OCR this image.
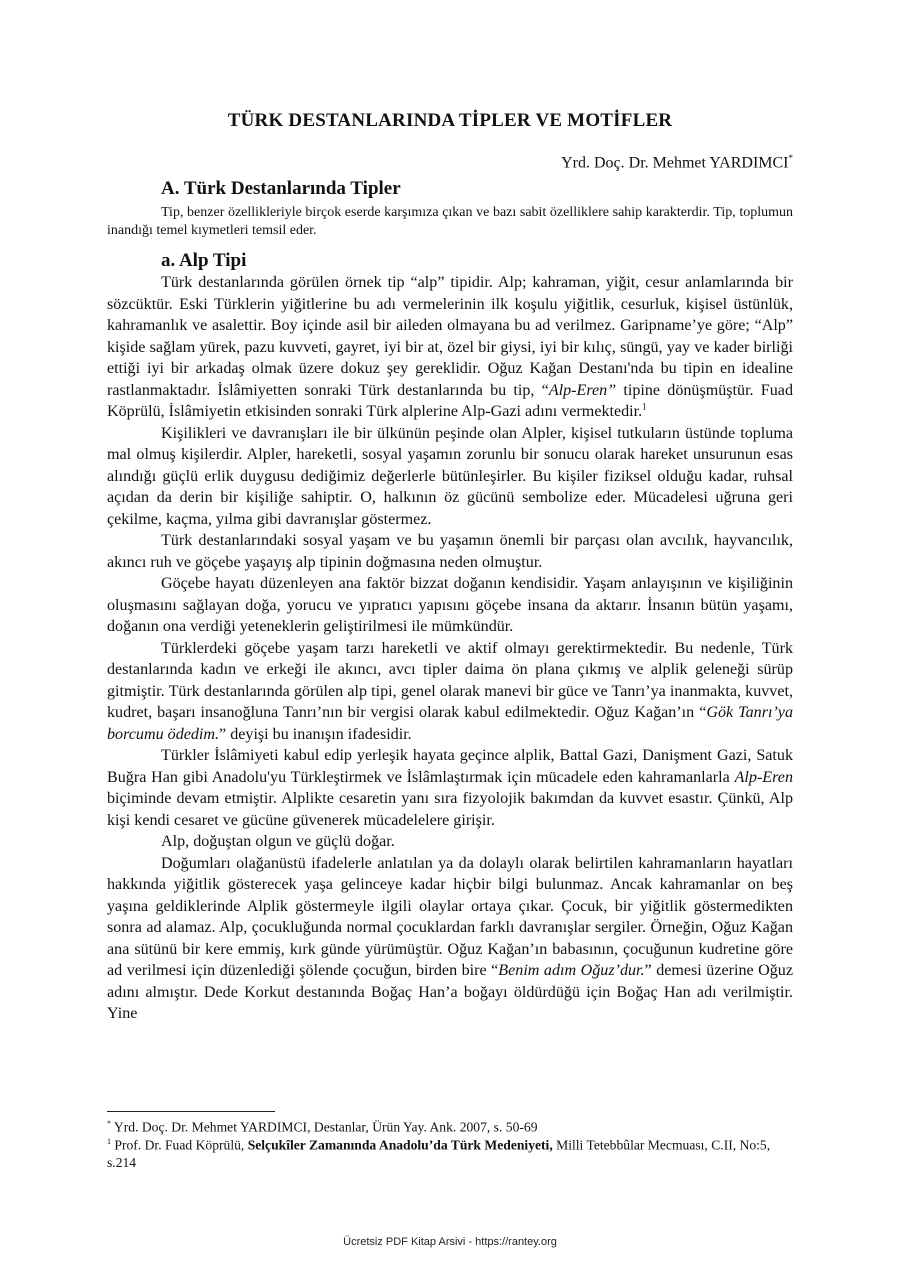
TÜRK DESTANLARINDA TİPLER VE MOTİFLER
Yrd. Doç. Dr. Mehmet YARDIMCI*
A. Türk Destanlarında Tipler

Tip, benzer özellikleriyle birçok eserde karşımıza çıkan ve bazı sabit özelliklere sahip karakterdir. Tip, toplumun inandığı temel kıymetleri temsil eder.

a. Alp Tipi

Türk destanlarında görülen örnek tip “alp” tipidir. Alp; kahraman, yiğit, cesur anlamlarında bir sözcüktür. Eski Türklerin yiğitlerine bu adı vermelerinin ilk koşulu yiğitlik, cesurluk, kişisel üstünlük, kahramanlık ve asalettir. Boy içinde asil bir aileden olmayana bu ad verilmez. Garipname’ye göre; “Alp” kişide sağlam yürek, pazu kuvveti, gayret, iyi bir at, özel bir giysi, iyi bir kılıç, süngü, yay ve kader birliği ettiği iyi bir arkadaş olmak üzere dokuz şey gereklidir. Oğuz Kağan Destanı'nda bu tipin en idealine rastlanmaktadır. İslâmiyetten sonraki Türk destanlarında bu tip, “Alp-Eren” tipine dönüşmüştür. Fuad Köprülü, İslâmiyetin etkisinden sonraki Türk alplerine Alp-Gazi adını vermektedir.$^1$

Kişilikleri ve davranışları ile bir ülkünün peşinde olan Alpler, kişisel tutkuların üstünde topluma mal olmuş kişilerdir. Alpler, hareketli, sosyal yaşamın zorunlu bir sonucu olarak hareket unsurunun esas alındığı güçlü erlik duygusu dediğimiz değerlerle bütünleşirler. Bu kişiler fiziksel olduğu kadar, ruhsal açıdan da derin bir kişiliğe sahiptir. O, halkının öz gücünü sembolize eder. Mücadelesi uğruna geri çekilme, kaçma, yılma gibi davranışlar göstermez.

Türk destanlarındaki sosyal yaşam ve bu yaşamın önemli bir parçası olan avcılık, hayvancılık, akıncı ruh ve göçebe yaşayış alp tipinin doğmasına neden olmuştur.

Göçebe hayatı düzenleyen ana faktör bizzat doğanın kendisidir. Yaşam anlayışının ve kişiliğinin oluşmasını sağlayan doğa, yorucu ve yıpratıcı yapısını göçebe insana da aktarır. İnsanın bütün yaşamı, doğanın ona verdiği yeteneklerin geliştirilmesi ile mümkündür.

Türklerdeki göçebe yaşam tarzı hareketli ve aktif olmayı gerektirmektedir. Bu nedenle, Türk destanlarında kadın ve erkeği ile akıncı, avcı tipler daima ön plana çıkmış ve alplik geleneği sürüp gitmiştir. Türk destanlarında görülen alp tipi, genel olarak manevi bir güce ve Tanrı’ya inanmakta, kuvvet, kudret, başarı insanoğluna Tanrı’nın bir vergisi olarak kabul edilmektedir. Oğuz Kağan’ın “Gök Tanrı’ya borcumu ödedim.” deyişi bu inanışın ifadesidir.

Türkler İslâmiyeti kabul edip yerleşik hayata geçince alplik, Battal Gazi, Danişment Gazi, Satuk Buğra Han gibi Anadolu'yu Türkleştirmek ve İslâmlaştırmak için mücadele eden kahramanlarla Alp-Eren biçiminde devam etmiştir. Alplikte cesaretin yanı sıra fizyolojik bakımdan da kuvvet esastır. Çünkü, Alp kişi kendi cesaret ve gücüne güvenerek mücadelelere girişir.

Alp, doğuştan olgun ve güçlü doğar.

Doğumları olağanüstü ifadelerle anlatılan ya da dolaylı olarak belirtilen kahramanların hayatları hakkında yiğitlik gösterecek yaşa gelinceye kadar hiçbir bilgi bulunmaz. Ancak kahramanlar on beş yaşına geldiklerinde Alplik göstermeyle ilgili olaylar ortaya çıkar. Çocuk, bir yiğitlik göstermedikten sonra ad alamaz. Alp, çocukluğunda normal çocuklardan farklı davranışlar sergiler. Örneğin, Oğuz Kağan ana sütünü bir kere emmiş, kırk günde yürümüştür. Oğuz Kağan’ın babasının, çocuğunun kudretine göre ad verilmesi için düzenlediği şölende çocuğun, birden bire “Benim adım Oğuz’dur.” demesi üzerine Oğuz adını almıştır. Dede Korkut destanında Boğaç Han’a boğayı öldürdüğü için Boğaç Han adı verilmiştir. Yine

* Yrd. Doç. Dr. Mehmet YARDIMCI, Destanlar, Ürün Yay. Ank. 2007, s. 50-69
$^1$ Prof. Dr. Fuad Köprülü, Selçukîler Zamanında Anadolu’da Türk Medeniyeti, Milli Tetebbûlar Mecmuası, C.II, No:5, s.214
Ücretsiz PDF Kitap Arsivi - https://rantey.org
